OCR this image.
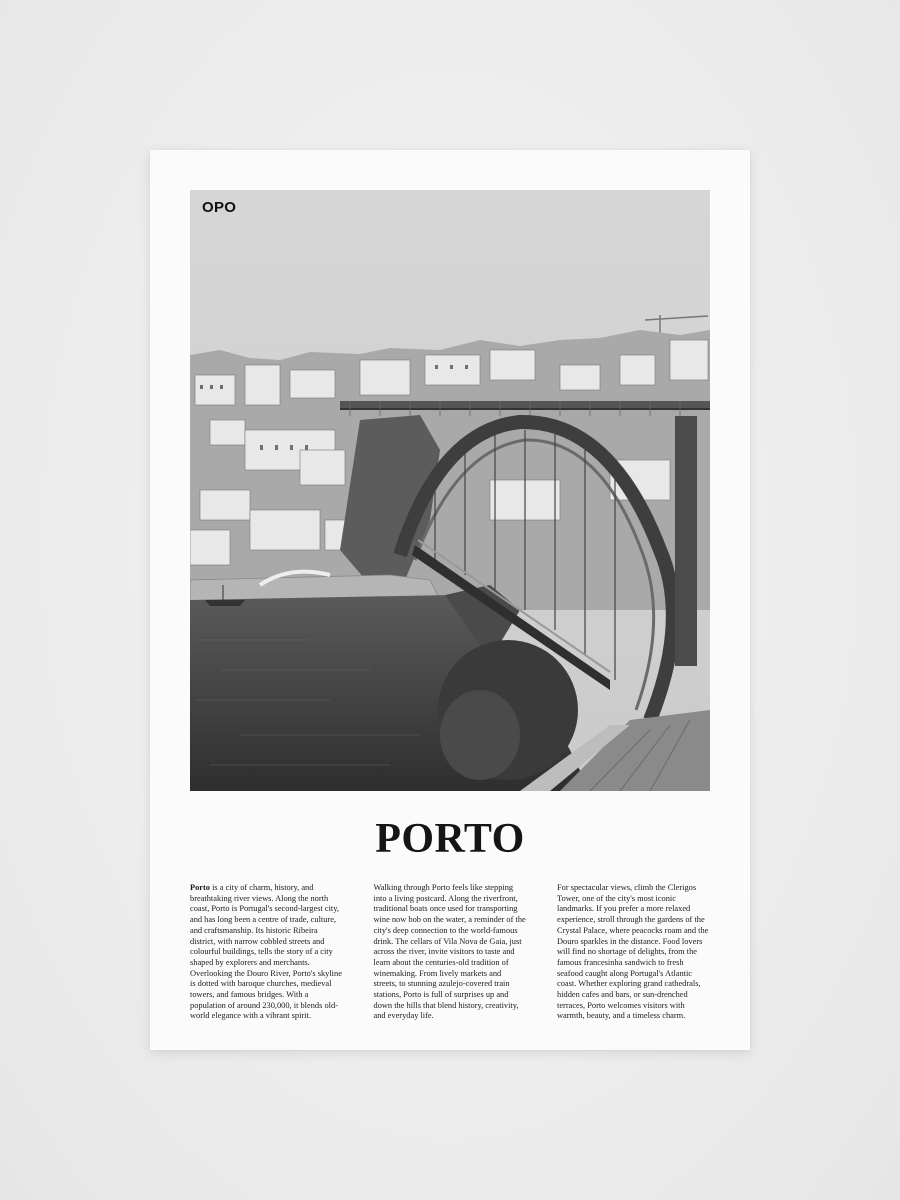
OPO
PORTO
Porto is a city of charm, history, and breathtaking river views. Along the north coast, Porto is Portugal's second-largest city, and has long been a centre of trade, culture, and craftsmanship. Its historic Ribeira district, with narrow cobbled streets and colourful buildings, tells the story of a city shaped by explorers and merchants. Overlooking the Douro River, Porto's skyline is dotted with baroque churches, medieval towers, and famous bridges. With a population of around 230,000, it blends old-world elegance with a vibrant spirit.
Walking through Porto feels like stepping into a living postcard. Along the riverfront, traditional boats once used for transporting wine now bob on the water, a reminder of the city's deep connection to the world-famous drink. The cellars of Vila Nova de Gaia, just across the river, invite visitors to taste and learn about the centuries-old tradition of winemaking. From lively markets and streets, to stunning azulejo-covered train stations, Porto is full of surprises up and down the hills that blend history, creativity, and everyday life.
For spectacular views, climb the Clerigos Tower, one of the city's most iconic landmarks. If you prefer a more relaxed experience, stroll through the gardens of the Crystal Palace, where peacocks roam and the Douro sparkles in the distance. Food lovers will find no shortage of delights, from the famous francesinha sandwich to fresh seafood caught along Portugal's Atlantic coast. Whether exploring grand cathedrals, hidden cafes and bars, or sun-drenched terraces, Porto welcomes visitors with warmth, beauty, and a timeless charm.
